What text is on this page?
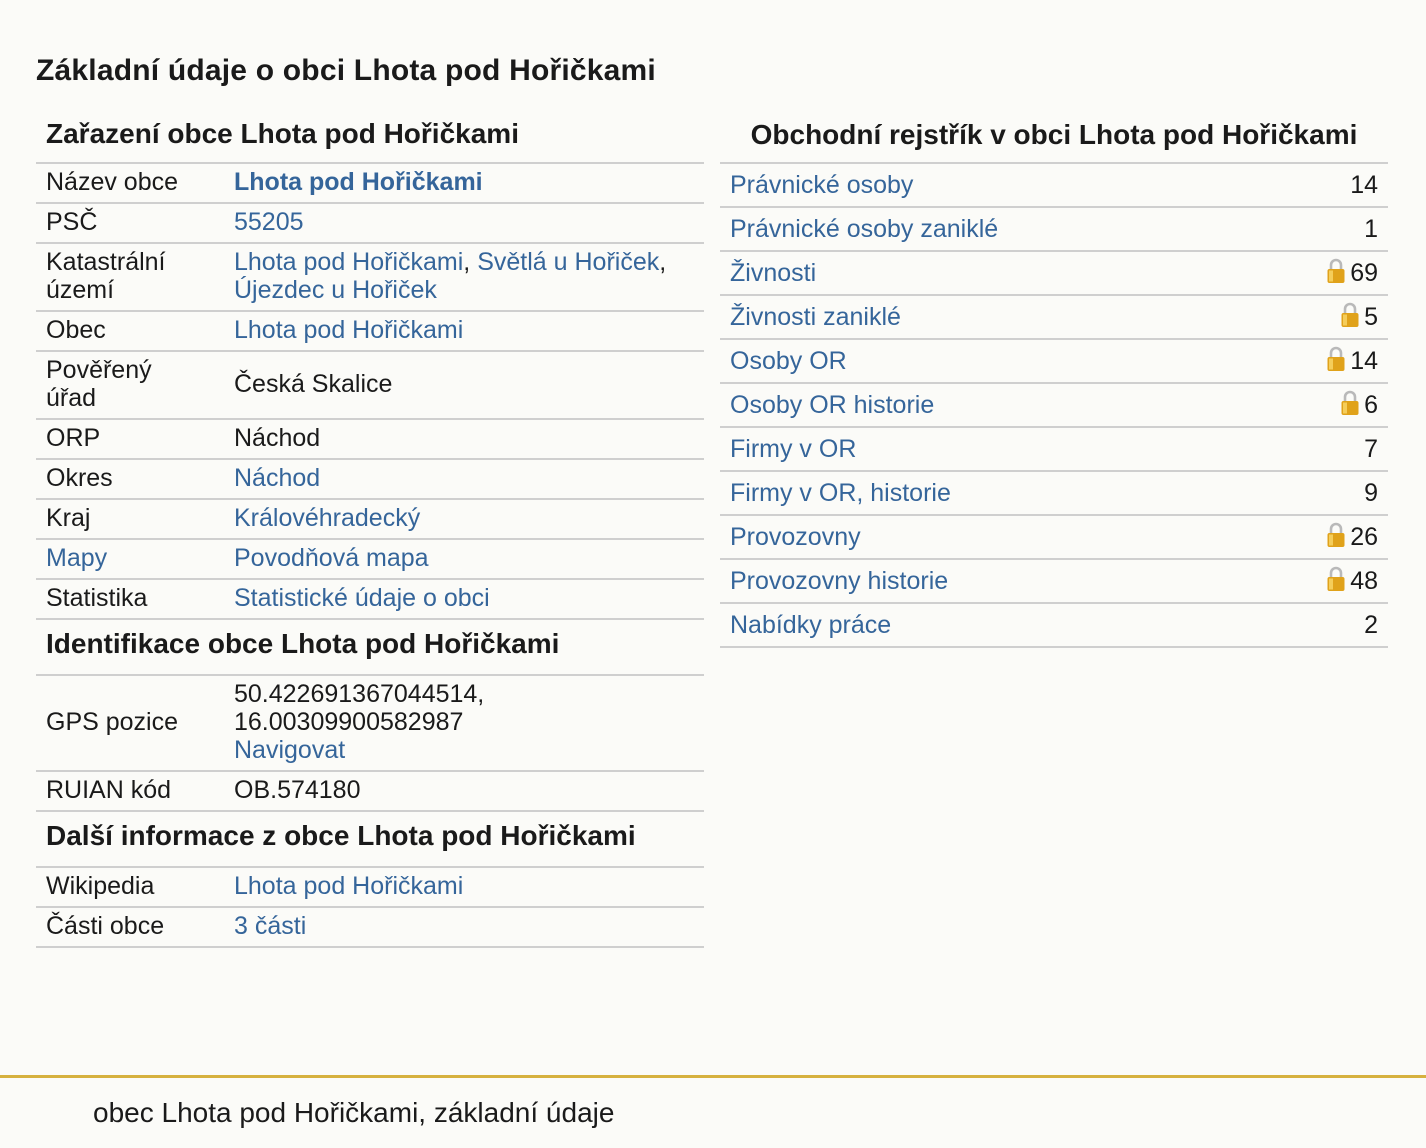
Základní údaje o obci Lhota pod Hořičkami
Zařazení obce Lhota pod Hořičkami
Název obce	Lhota pod Hořičkami
PSČ	55205
Katastrální území	Lhota pod Hořičkami, Světlá u Hořiček,
Újezdec u Hořiček
Obec	Lhota pod Hořičkami
Pověřený úřad	Česká Skalice
ORP	Náchod
Okres	Náchod
Kraj	Královéhradecký
Mapy	Povodňová mapa
Statistika	Statistické údaje o obci
Identifikace obce Lhota pod Hořičkami
GPS pozice	50.422691367044514,
16.00309900582987
Navigovat
RUIAN kód	OB.574180
Další informace z obce Lhota pod Hořičkami
Wikipedia	Lhota pod Hořičkami
Části obce	3 části
Obchodní rejstřík v obci Lhota pod Hořičkami
Právnické osoby	14
Právnické osoby zaniklé	1
Živnosti	69
Živnosti zaniklé	5
Osoby OR	14
Osoby OR historie	6
Firmy v OR	7
Firmy v OR, historie	9
Provozovny	26
Provozovny historie	48
Nabídky práce	2

obec Lhota pod Hořičkami, základní údaje
